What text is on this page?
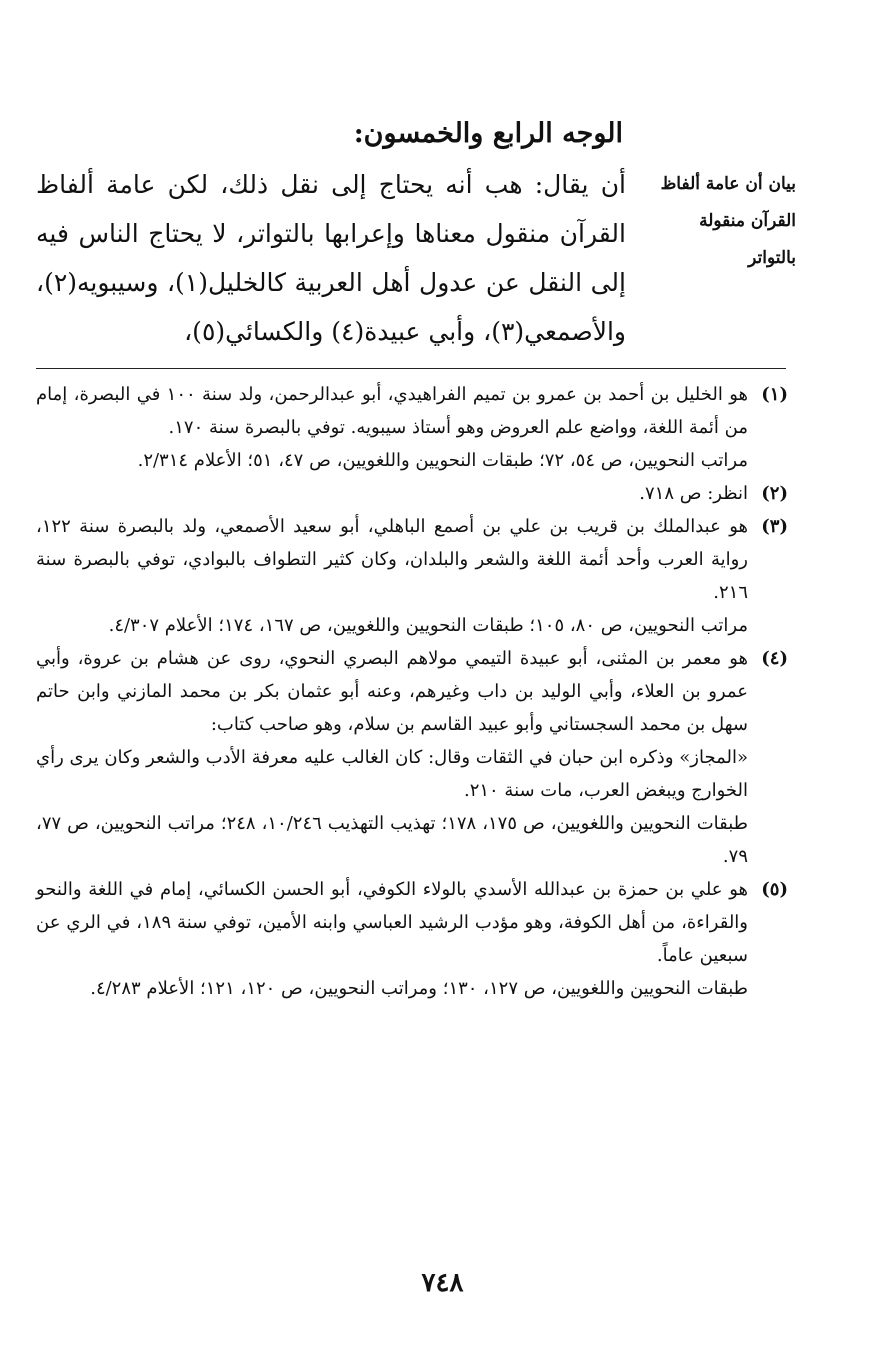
الوجه الرابع والخمسون:
بيان أن عامة ألفاظ القرآن منقولة بالتواتر

أن يقال: هب أنه يحتاج إلى نقل ذلك، لكن عامة ألفاظ القرآن منقول معناها وإعرابها بالتواتر، لا يحتاج الناس فيه إلى النقل عن عدول أهل العربية كالخليل(١)، وسيبويه(٢)، والأصمعي(٣)، وأبي عبيدة(٤) والكسائي(٥)،

(١)

هو الخليل بن أحمد بن عمرو بن تميم الفراهيدي، أبو عبدالرحمن، ولد سنة ١٠٠ في البصرة، إمام من أئمة اللغة، وواضع علم العروض وهو أستاذ سيبويه. توفي بالبصرة سنة ١٧٠.

مراتب النحويين، ص ٥٤، ٧٢؛ طبقات النحويين واللغويين، ص ٤٧، ٥١؛ الأعلام ٢/٣١٤.

(٢)

انظر: ص ٧١٨.

(٣)

هو عبدالملك بن قريب بن علي بن أصمع الباهلي، أبو سعيد الأصمعي، ولد بالبصرة سنة ١٢٢، رواية العرب وأحد أئمة اللغة والشعر والبلدان، وكان كثير التطواف بالبوادي، توفي بالبصرة سنة ٢١٦.

مراتب النحويين، ص ٨٠، ١٠٥؛ طبقات النحويين واللغويين، ص ١٦٧، ١٧٤؛ الأعلام ٤/٣٠٧.

(٤)

هو معمر بن المثنى، أبو عبيدة التيمي مولاهم البصري النحوي، روى عن هشام بن عروة، وأبي عمرو بن العلاء، وأبي الوليد بن داب وغيرهم، وعنه أبو عثمان بكر بن محمد المازني وابن حاتم سهل بن محمد السجستاني وأبو عبيد القاسم بن سلام، وهو صاحب كتاب:

«المجاز» وذكره ابن حبان في الثقات وقال: كان الغالب عليه معرفة الأدب والشعر وكان يرى رأي الخوارج ويبغض العرب، مات سنة ٢١٠.

طبقات النحويين واللغويين، ص ١٧٥، ١٧٨؛ تهذيب التهذيب ١٠/٢٤٦، ٢٤٨؛ مراتب النحويين، ص ٧٧، ٧٩.

(٥)

هو علي بن حمزة بن عبدالله الأسدي بالولاء الكوفي، أبو الحسن الكسائي، إمام في اللغة والنحو والقراءة، من أهل الكوفة، وهو مؤدب الرشيد العباسي وابنه الأمين، توفي سنة ١٨٩، في الري عن سبعين عاماً.

طبقات النحويين واللغويين، ص ١٢٧، ١٣٠؛ ومراتب النحويين، ص ١٢٠، ١٢١؛ الأعلام ٤/٢٨٣.

٧٤٨
